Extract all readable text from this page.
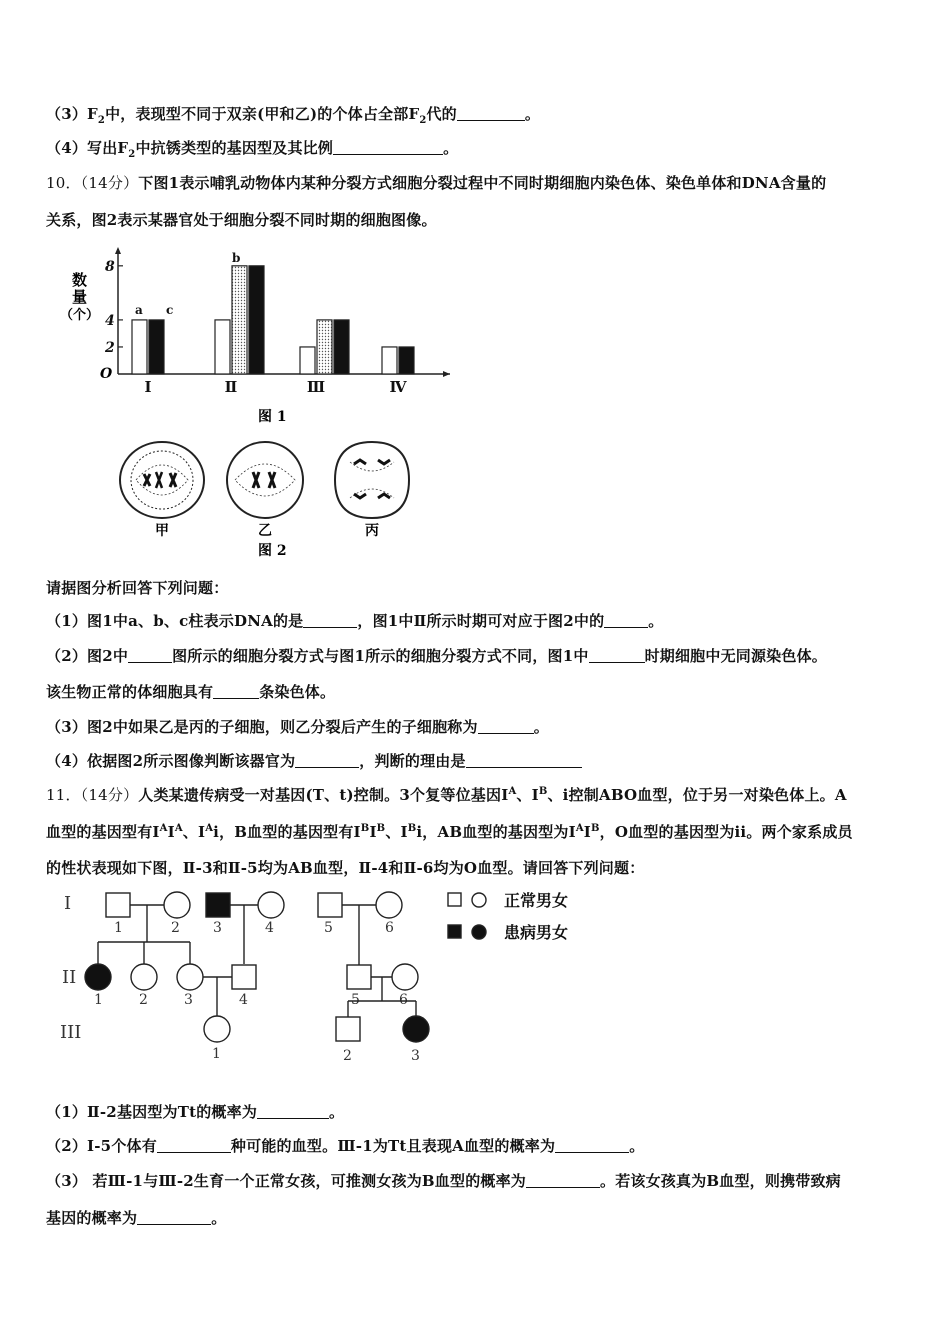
$(3)F_2$中，表现型不同于双亲(甲和乙)的个体占全部$F_2$代的	。
（4）写出$F_2$中抗锈类型的基因型及其比例	。
10．（14分）下图1表示哺乳动物体内某种分裂方式细胞分裂过程中不同时期细胞内染色体、染色单体和DNA含量的
关系，图2表示某器官处于细胞分裂不同时期的细胞图像。
2
4
8
Ⅰ	Ⅱ	Ⅲ	Ⅳ
a c
b
数
量
（个）
O
图 1
甲	乙	丙
图 2
请据图分析回答下列问题：
（1）图1中a、b、c柱表示DNA的是	，图1中Ⅱ所示时期可对应于图2中的	。
（2）图2中	图所示的细胞分裂方式与图1所示的细胞分裂方式不同，图1中	时期细胞中无同源染色体。
该生物正常的体细胞具有	条染色体。
（3）图2中如果乙是丙的子细胞，则乙分裂后产生的子细胞称为	。
（4）依据图2所示图像判断该器官为	，判断的理由是
11．（14分）人类某遗传病受一对基因(T、t)控制。3个复等位基因$I^A$、$I^B$、i控制ABO血型，位于另一对染色体上。A
血型的基因型有$I^AI^A$、$I^Ai$，B血型的基因型有$I^BI^B$、$I^Bi$，AB血型的基因型为$I^AI^B$，O血型的基因型为ii。两个家系成员
的性状表现如下图，Ⅱ-3和Ⅱ-5均为AB血型，Ⅱ-4和Ⅱ-6均为O血型。请回答下列问题：
I
II
III
1	2 3	4
1	2	3	4
1
5	6
5	6
2	3
正常男女
患病男女
（1）Ⅱ-2基因型为Tt的概率为	。
（2）Ⅰ-5个体有	种可能的血型。Ⅲ-1为Tt且表现A血型的概率为	。
（3） 若Ⅲ-1与Ⅲ-2生育一个正常女孩，可推测女孩为B血型的概率为	。若该女孩真为B血型，则携带致病
基因的概率为	。
